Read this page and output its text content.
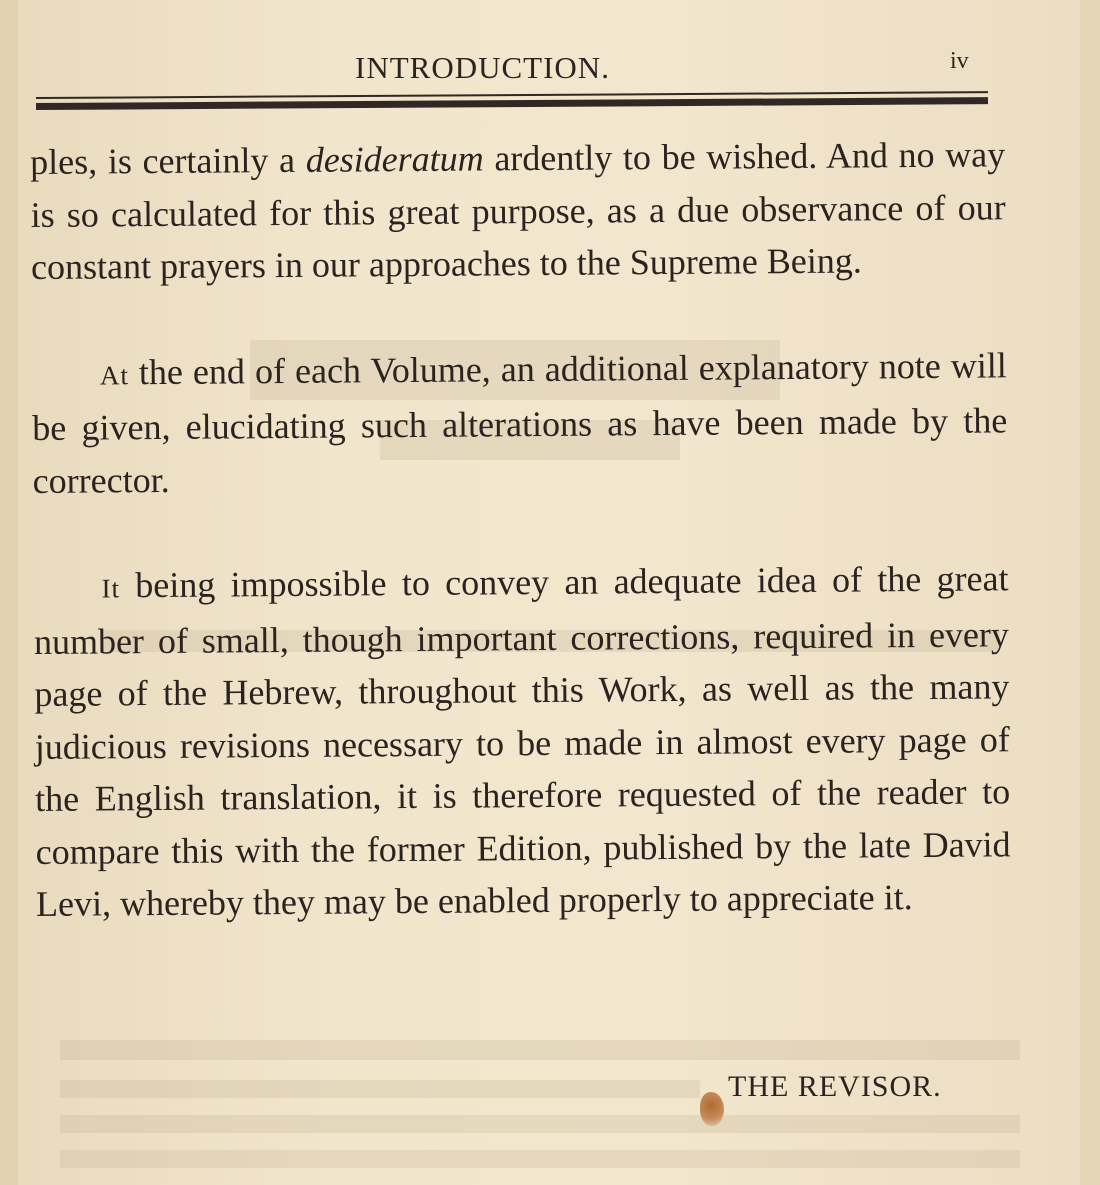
INTRODUCTION.	iv

ples, is certainly a desideratum ardently to be wished. And no way is so calculated for this great purpose, as a due observance of our constant prayers in our approaches to the Supreme Being.

At the end of each Volume, an additional explanatory note will be given, elucidating such alterations as have been made by the corrector.

It being impossible to convey an adequate idea of the great number of small, though important corrections, required in every page of the Hebrew, throughout this Work, as well as the many judicious revisions necessary to be made in almost every page of the English translation, it is therefore requested of the reader to compare this with the former Edition, published by the late David Levi, whereby they may be enabled properly to appreciate it.

THE REVISOR.
